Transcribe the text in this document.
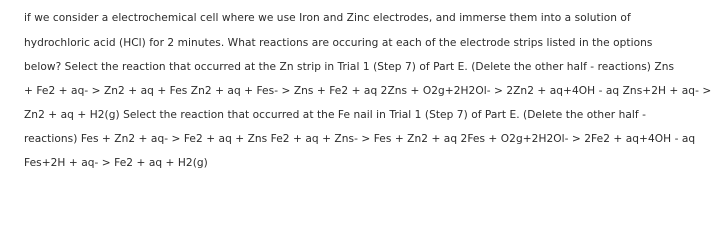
if we consider a electrochemical cell where we use Iron and Zinc electrodes, and immerse them into a solution of
hydrochloric acid (HCl) for 2 minutes. What reactions are occuring at each of the electrode strips listed in the options
below? Select the reaction that occurred at the Zn strip in Trial 1 (Step 7) of Part E. (Delete the other half - reactions) Zns
+ Fe2 + aq- > Zn2 + aq + Fes Zn2 + aq + Fes- > Zns + Fe2 + aq 2Zns + O2g+2H2Ol- > 2Zn2 + aq+4OH - aq Zns+2H + aq- >
Zn2 + aq + H2(g) Select the reaction that occurred at the Fe nail in Trial 1 (Step 7) of Part E. (Delete the other half -
reactions) Fes + Zn2 + aq- > Fe2 + aq + Zns Fe2 + aq + Zns- > Fes + Zn2 + aq 2Fes + O2g+2H2Ol- > 2Fe2 + aq+4OH - aq
Fes+2H + aq- > Fe2 + aq + H2(g)
